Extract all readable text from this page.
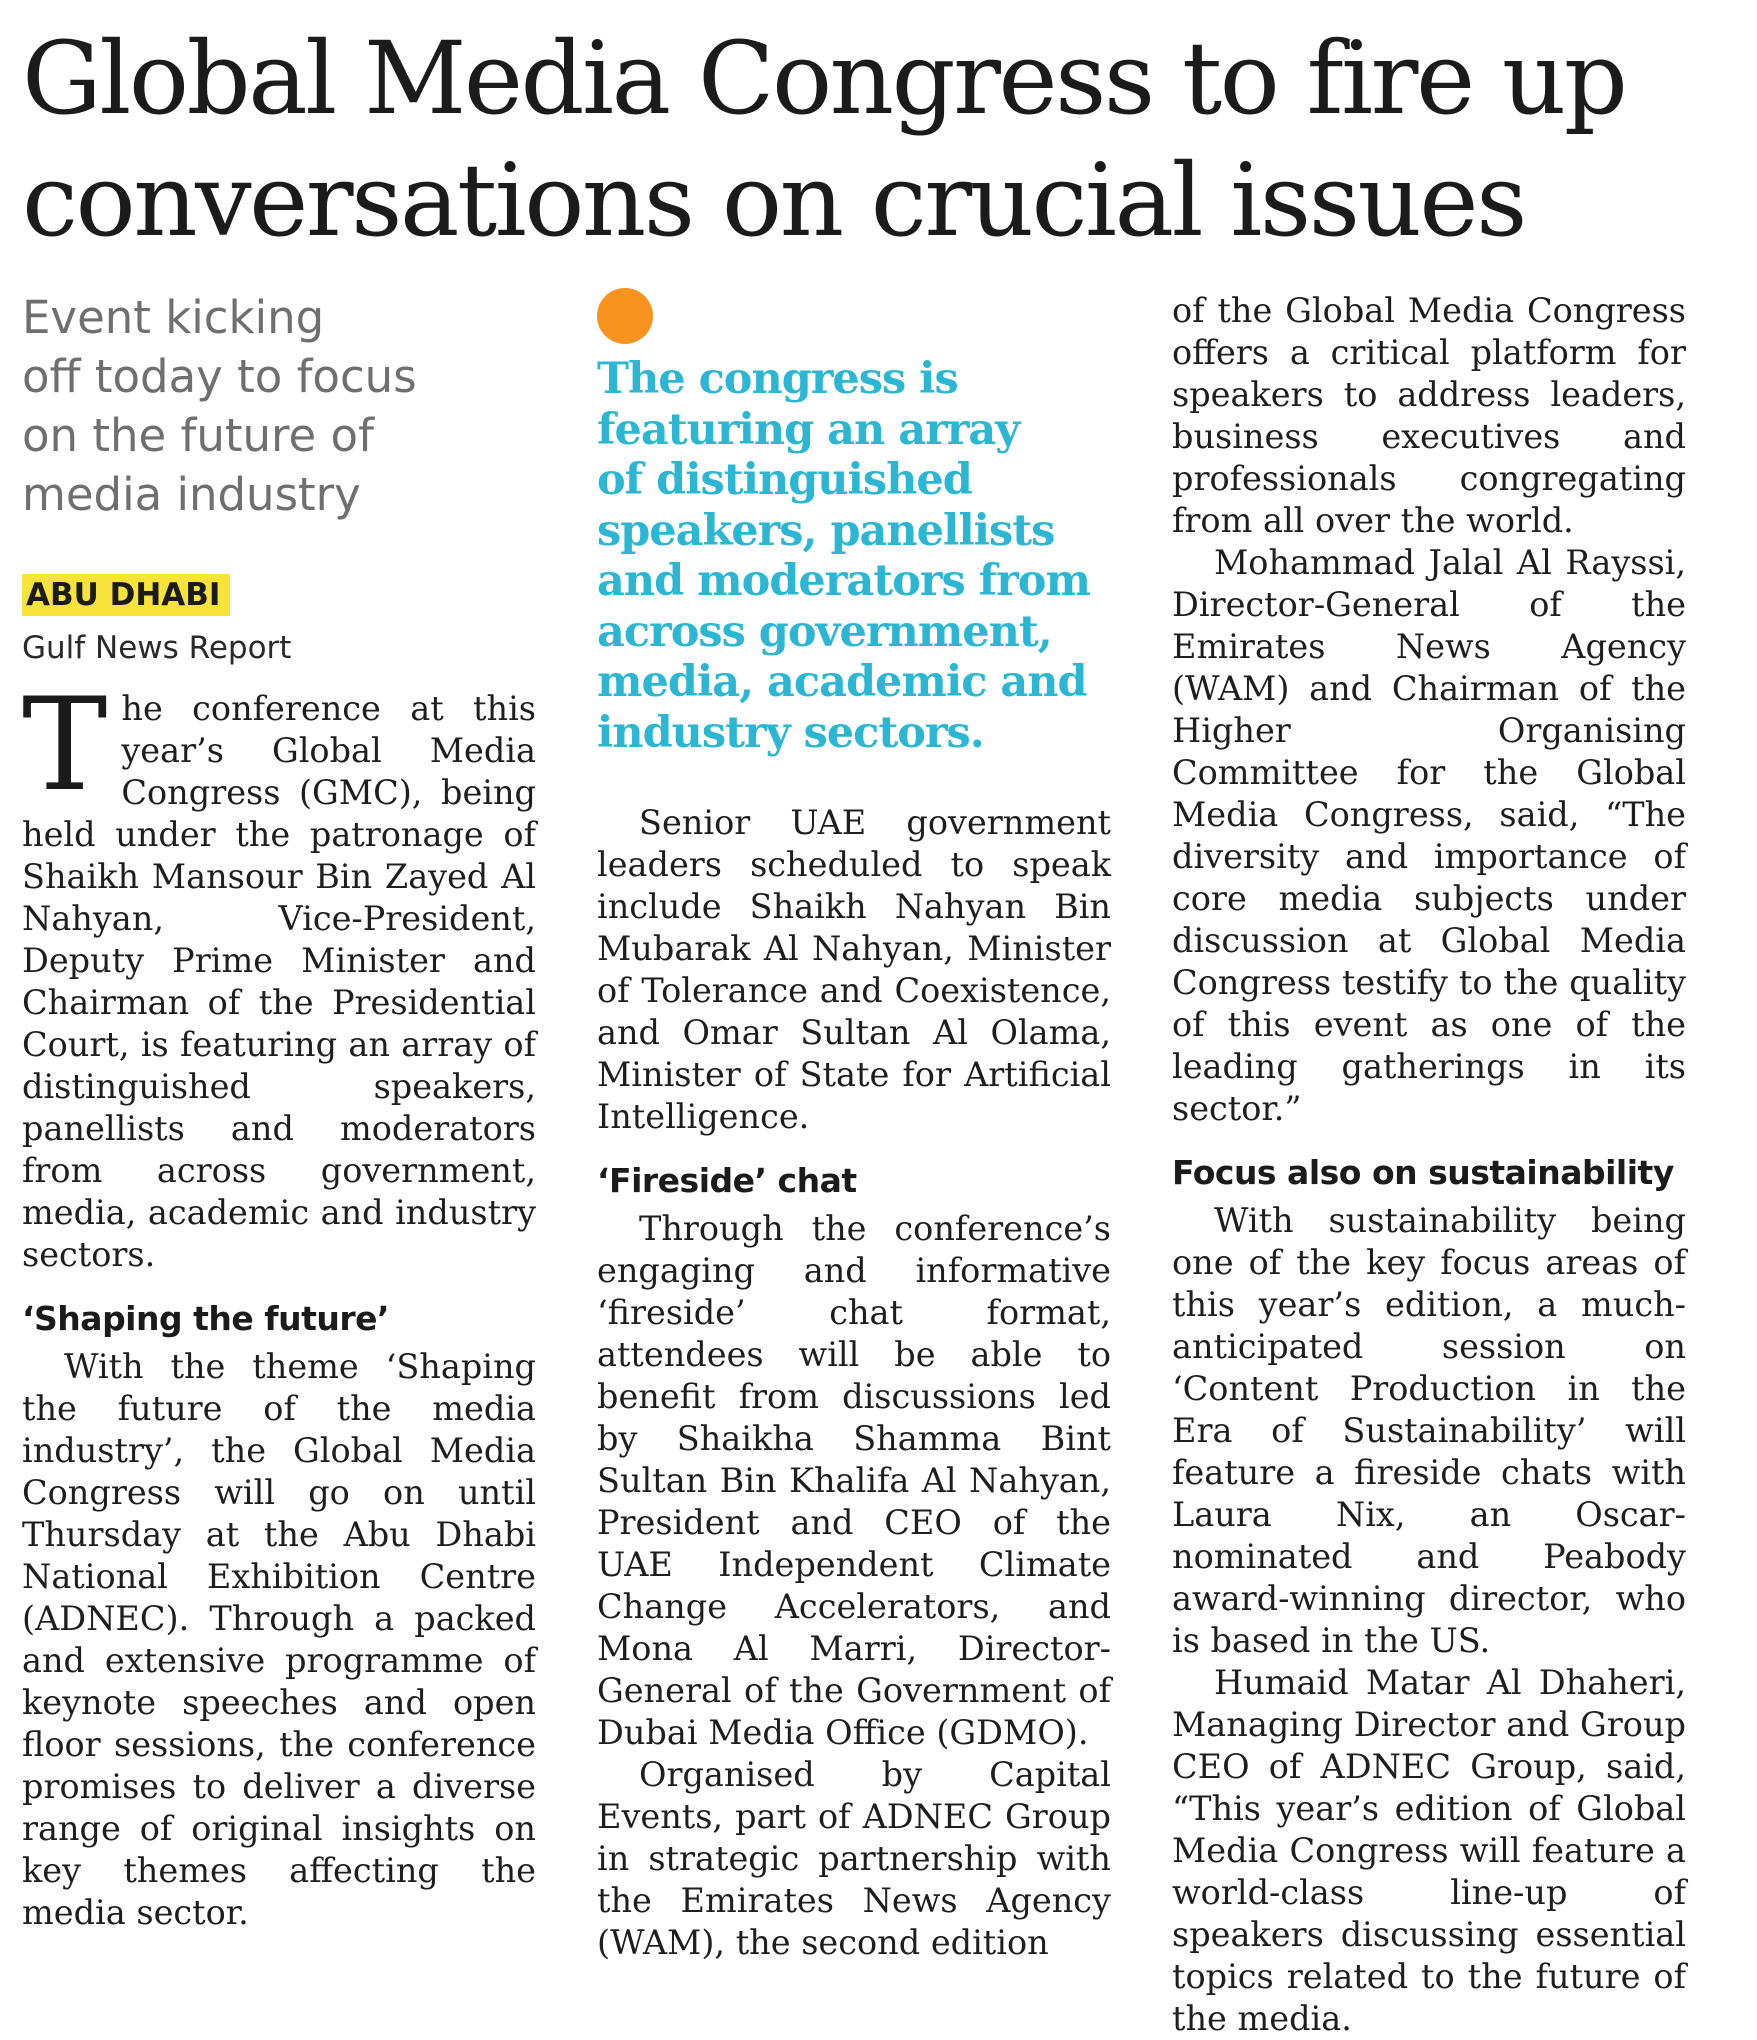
Global Media Congress to fire up
conversations on crucial issues

Event kicking
off today to focus
on the future of
media industry

ABU DHABI
Gulf News Report

The conference at this year’s Global Media Congress (GMC), being held under the patronage of Shaikh Mansour Bin Zayed Al Nahyan, Vice-President, Deputy Prime Minister and Chairman of the Presidential Court, is featuring an array of distinguished speakers, panellists and moderators from across government, media, academic and industry sectors.

‘Shaping the future’

With the theme ‘Shaping the future of the media industry’, the Global Media Congress will go on until Thursday at the Abu Dhabi National Exhibition Centre (ADNEC). Through a packed and extensive programme of keynote speeches and open floor sessions, the conference promises to deliver a diverse range of original insights on key themes affecting the media sector.

The congress is
featuring an array
of distinguished
speakers, panellists
and moderators from
across government,
media, academic and
industry sectors.

Senior UAE government leaders scheduled to speak include Shaikh Nahyan Bin Mubarak Al Nahyan, Minister of Tolerance and Coexistence, and Omar Sultan Al Olama, Minister of State for Artificial Intelligence.

‘Fireside’ chat

Through the conference’s engaging and informative ‘fireside’ chat format, attendees will be able to benefit from discussions led by Shaikha Shamma Bint Sultan Bin Khalifa Al Nahyan, President and CEO of the UAE Independent Climate Change Accelerators, and Mona Al Marri, Director-General of the Government of Dubai Media Office (GDMO).

Organised by Capital Events, part of ADNEC Group in strategic partnership with the Emirates News Agency (WAM), the second edition

of the Global Media Congress offers a critical platform for speakers to address leaders, business executives and professionals congregating from all over the world.

Mohammad Jalal Al Rayssi, Director-General of the Emirates News Agency (WAM) and Chairman of the Higher Organising Committee for the Global Media Congress, said, “The diversity and importance of core media subjects under discussion at Global Media Congress testify to the quality of this event as one of the leading gatherings in its sector.”

Focus also on sustainability

With sustainability being one of the key focus areas of this year’s edition, a much-anticipated session on ‘Content Production in the Era of Sustainability’ will feature a fireside chats with Laura Nix, an Oscar-nominated and Peabody award-winning director, who is based in the US.

Humaid Matar Al Dhaheri, Managing Director and Group CEO of ADNEC Group, said, “This year’s edition of Global Media Congress will feature a world-class line-up of speakers discussing essential topics related to the future of the media.
